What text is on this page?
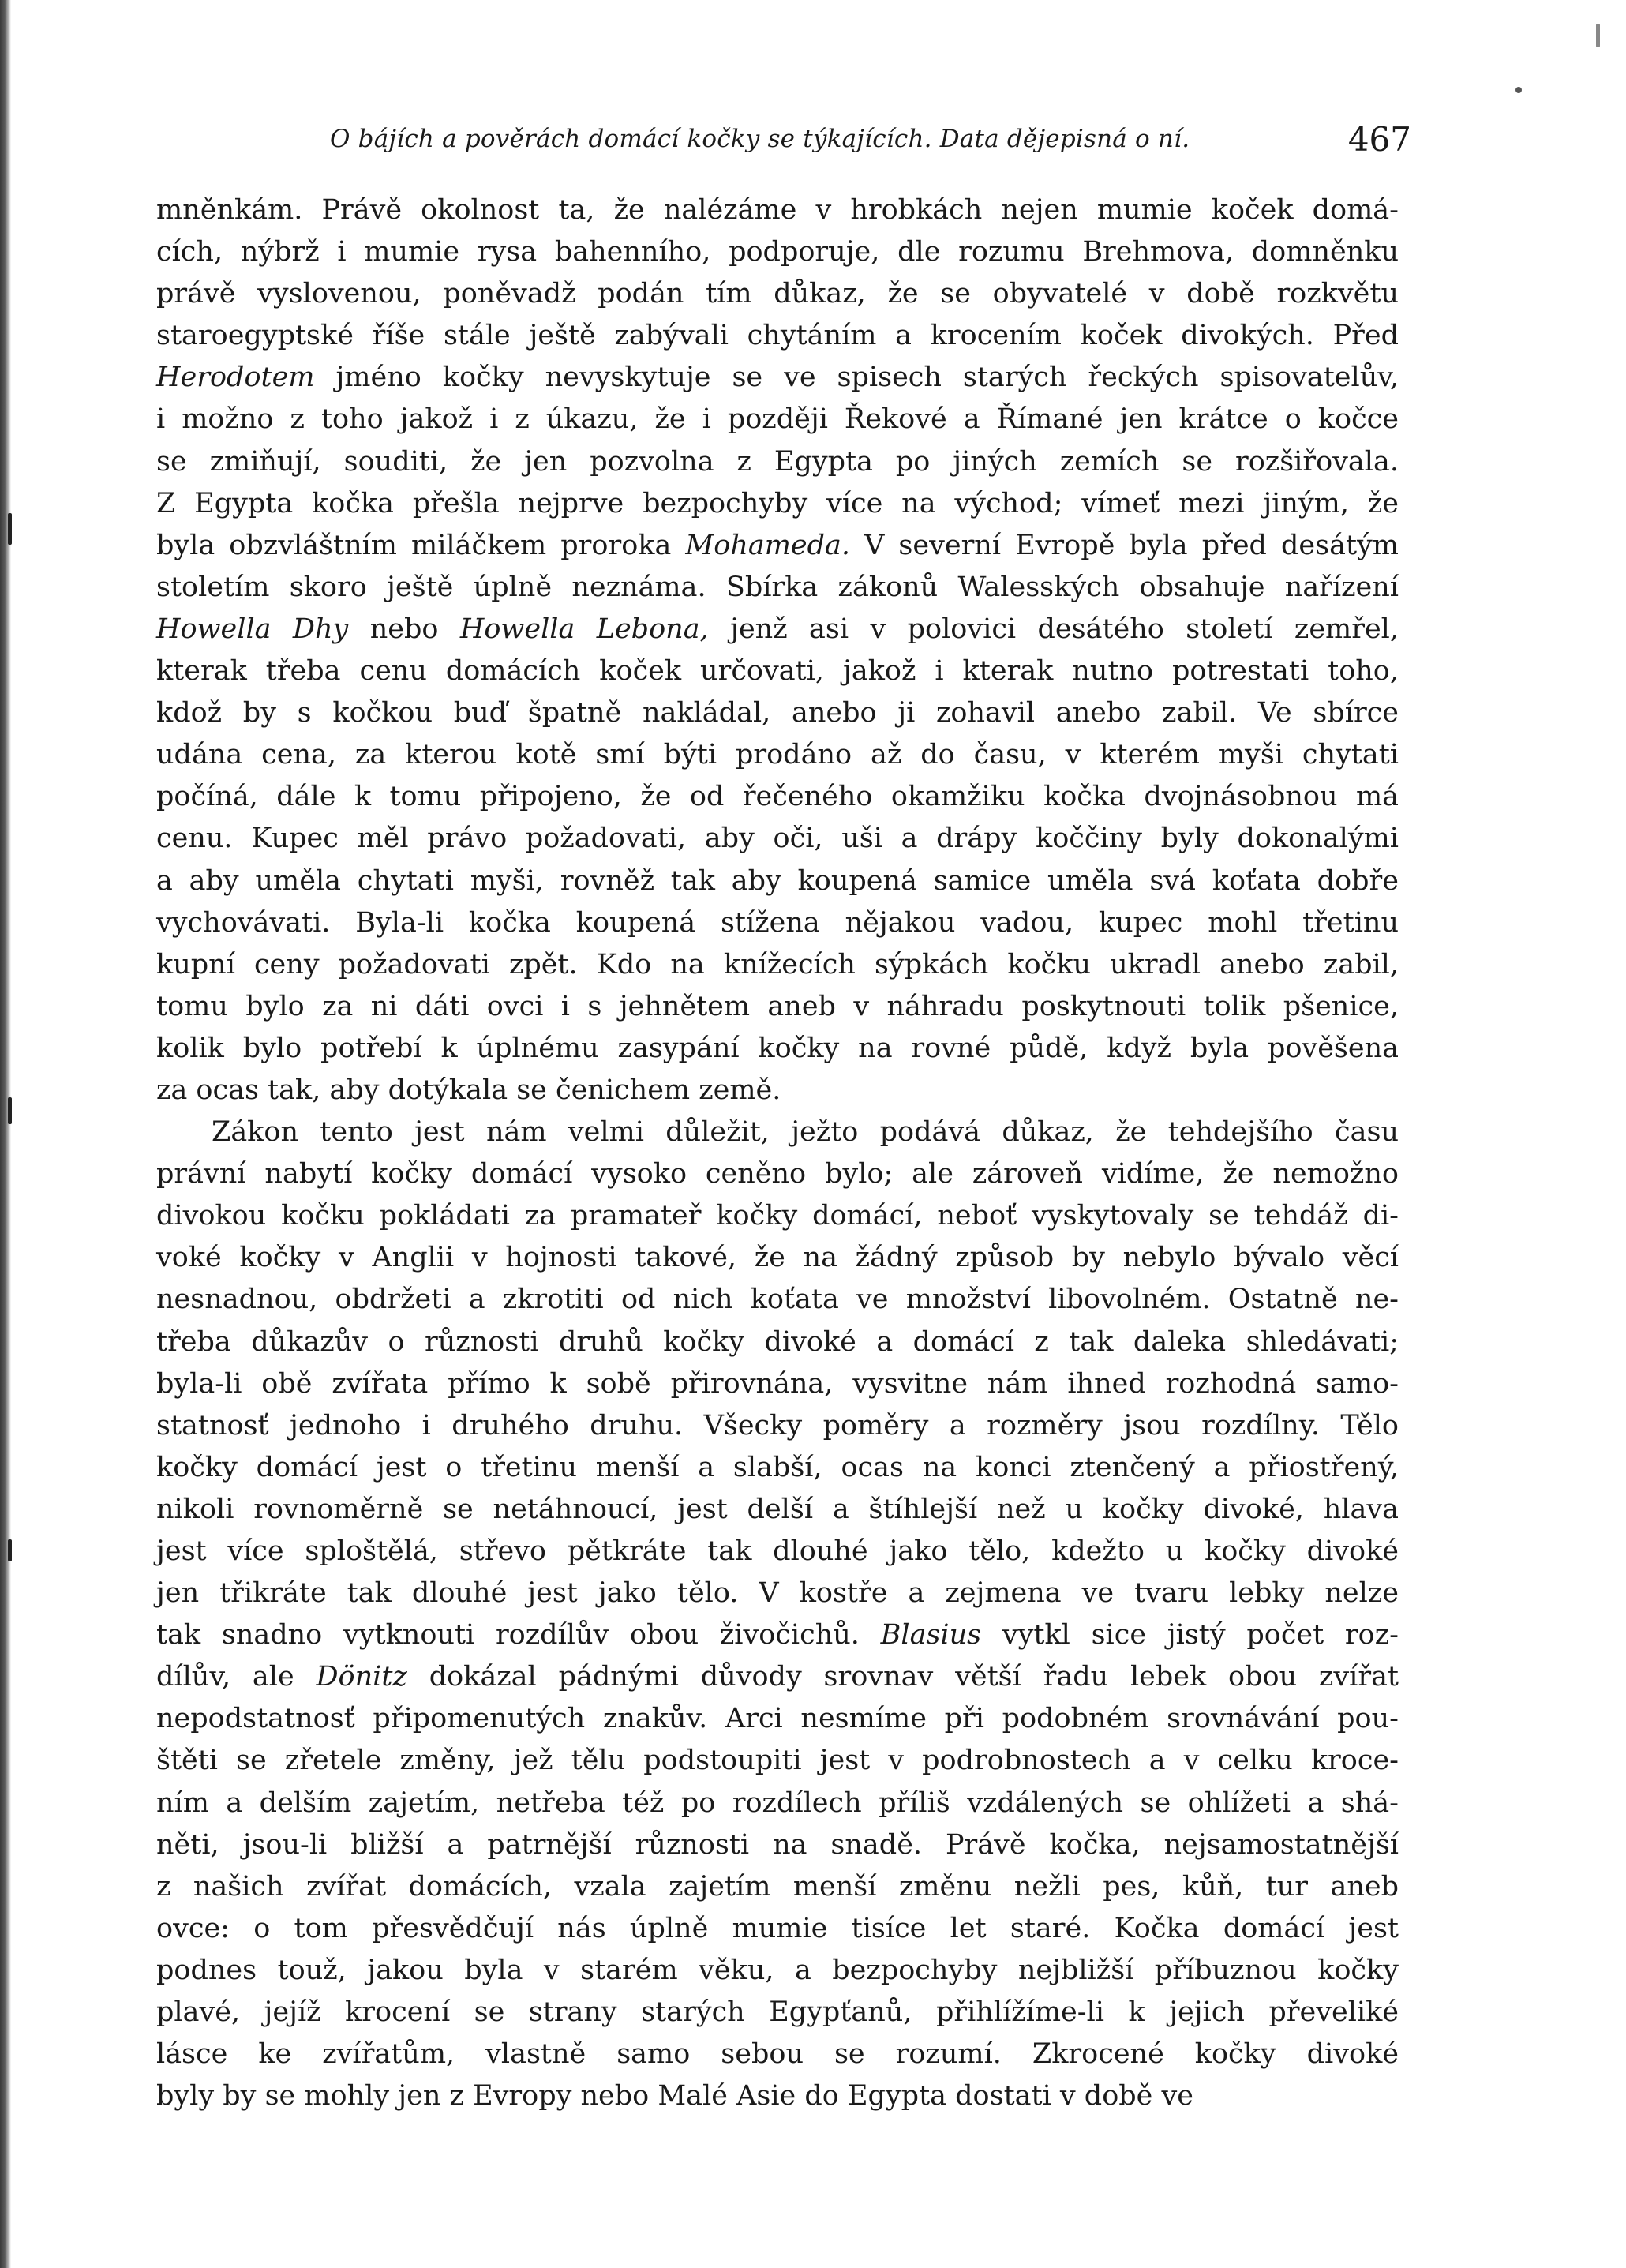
O bájích a pověrách domácí kočky se týkajících. Data dějepisná o ní.	467
mněnkám. Právě okolnost ta, že nalézáme v hrobkách nejen mumie koček domá-
cích, nýbrž i mumie rysa bahenního, podporuje, dle rozumu Brehmova, domněnku
právě vyslovenou, poněvadž podán tím důkaz, že se obyvatelé v době rozkvětu
staroegyptské říše stále ještě zabývali chytáním a krocením koček divokých. Před
Herodotem jméno kočky nevyskytuje se ve spisech starých řeckých spisovatelův,
i možno z toho jakož i z úkazu, že i později Řekové a Římané jen krátce o kočce
se zmiňují, souditi, že jen pozvolna z Egypta po jiných zemích se rozšiřovala.
Z Egypta kočka přešla nejprve bezpochyby více na východ; vímeť mezi jiným, že
byla obzvláštním miláčkem proroka Mohameda. V severní Evropě byla před desátým
stoletím skoro ještě úplně neznáma. Sbírka zákonů Walesských obsahuje nařízení
Howella Dhy nebo Howella Lebona, jenž asi v polovici desátého století zemřel,
kterak třeba cenu domácích koček určovati, jakož i kterak nutno potrestati toho,
kdož by s kočkou buď špatně nakládal, anebo ji zohavil anebo zabil. Ve sbírce
udána cena, za kterou kotě smí býti prodáno až do času, v kterém myši chytati
počíná, dále k tomu připojeno, že od řečeného okamžiku kočka dvojnásobnou má
cenu. Kupec měl právo požadovati, aby oči, uši a drápy koččiny byly dokonalými
a aby uměla chytati myši, rovněž tak aby koupená samice uměla svá koťata dobře
vychovávati. Byla-li kočka koupená stížena nějakou vadou, kupec mohl třetinu
kupní ceny požadovati zpět. Kdo na knížecích sýpkách kočku ukradl anebo zabil,
tomu bylo za ni dáti ovci i s jehnětem aneb v náhradu poskytnouti tolik pšenice,
kolik bylo potřebí k úplnému zasypání kočky na rovné půdě, když byla pověšena
za ocas tak, aby dotýkala se čenichem země.
Zákon tento jest nám velmi důležit, ježto podává důkaz, že tehdejšího času
právní nabytí kočky domácí vysoko ceněno bylo; ale zároveň vidíme, že nemožno
divokou kočku pokládati za pramateř kočky domácí, neboť vyskytovaly se tehdáž di-
voké kočky v Anglii v hojnosti takové, že na žádný způsob by nebylo bývalo věcí
nesnadnou, obdržeti a zkrotiti od nich koťata ve množství libovolném. Ostatně ne-
třeba důkazův o různosti druhů kočky divoké a domácí z tak daleka shledávati;
byla-li obě zvířata přímo k sobě přirovnána, vysvitne nám ihned rozhodná samo-
statnosť jednoho i druhého druhu. Všecky poměry a rozměry jsou rozdílny. Tělo
kočky domácí jest o třetinu menší a slabší, ocas na konci ztenčený a přiostřený,
nikoli rovnoměrně se netáhnoucí, jest delší a štíhlejší než u kočky divoké, hlava
jest více sploštělá, střevo pětkráte tak dlouhé jako tělo, kdežto u kočky divoké
jen třikráte tak dlouhé jest jako tělo. V kostře a zejmena ve tvaru lebky nelze
tak snadno vytknouti rozdílův obou živočichů. Blasius vytkl sice jistý počet roz-
dílův, ale Dönitz dokázal pádnými důvody srovnav větší řadu lebek obou zvířat
nepodstatnosť připomenutých znakův. Arci nesmíme při podobném srovnávání pou-
štěti se zřetele změny, jež tělu podstoupiti jest v podrobnostech a v celku kroce-
ním a delším zajetím, netřeba též po rozdílech příliš vzdálených se ohlížeti a shá-
něti, jsou-li bližší a patrnější různosti na snadě. Právě kočka, nejsamostatnější
z našich zvířat domácích, vzala zajetím menší změnu nežli pes, kůň, tur aneb
ovce: o tom přesvědčují nás úplně mumie tisíce let staré. Kočka domácí jest
podnes touž, jakou byla v starém věku, a bezpochyby nejbližší příbuznou kočky
plavé, jejíž krocení se strany starých Egypťanů, přihlížíme-li k jejich převeliké
lásce ke zvířatům, vlastně samo sebou se rozumí. Zkrocené kočky divoké
byly by se mohly jen z Evropy nebo Malé Asie do Egypta dostati v době ve
